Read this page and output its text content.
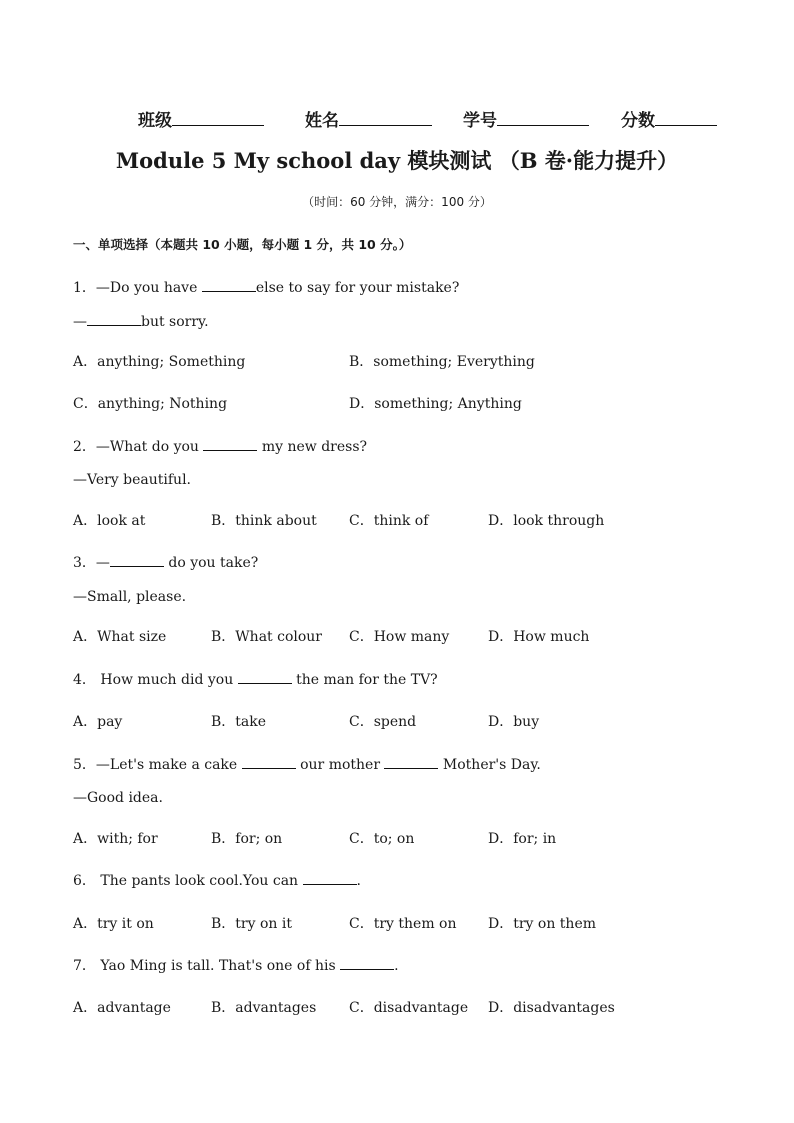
班级	姓名	学号	分数
Module 5 My school day 模块测试 （B 卷·能力提升）
（时间：60 分钟，满分：100 分）
一、单项选择（本题共 10 小题，每小题 1 分，共 10 分。）
1．—Do you have	else to say for your mistake?
—	but sorry.
A．anything; Something	B．something; Everything
C．anything; Nothing	D．something; Anything
2．—What do you	my new dress?
—Very beautiful.
A．look at	B．think about C．think of	D．look through
3．—	do you take?
—Small, please.
A．What size	B．What colour C．How many	D．How much
4． How much did you	the man for the TV?
A．pay	B．take	C．spend	D．buy
5．—Let's make a cake	our mother	Mother's Day.
—Good idea.
A．with; for	B．for; on	C．to; on	D．for; in
6． The pants look cool.You can	.
A．try it on	B．try on it	C．try them on D．try on them
7． Yao Ming is tall. That's one of his	.
A．advantage	B．advantages C．disadvantage D．disadvantages
